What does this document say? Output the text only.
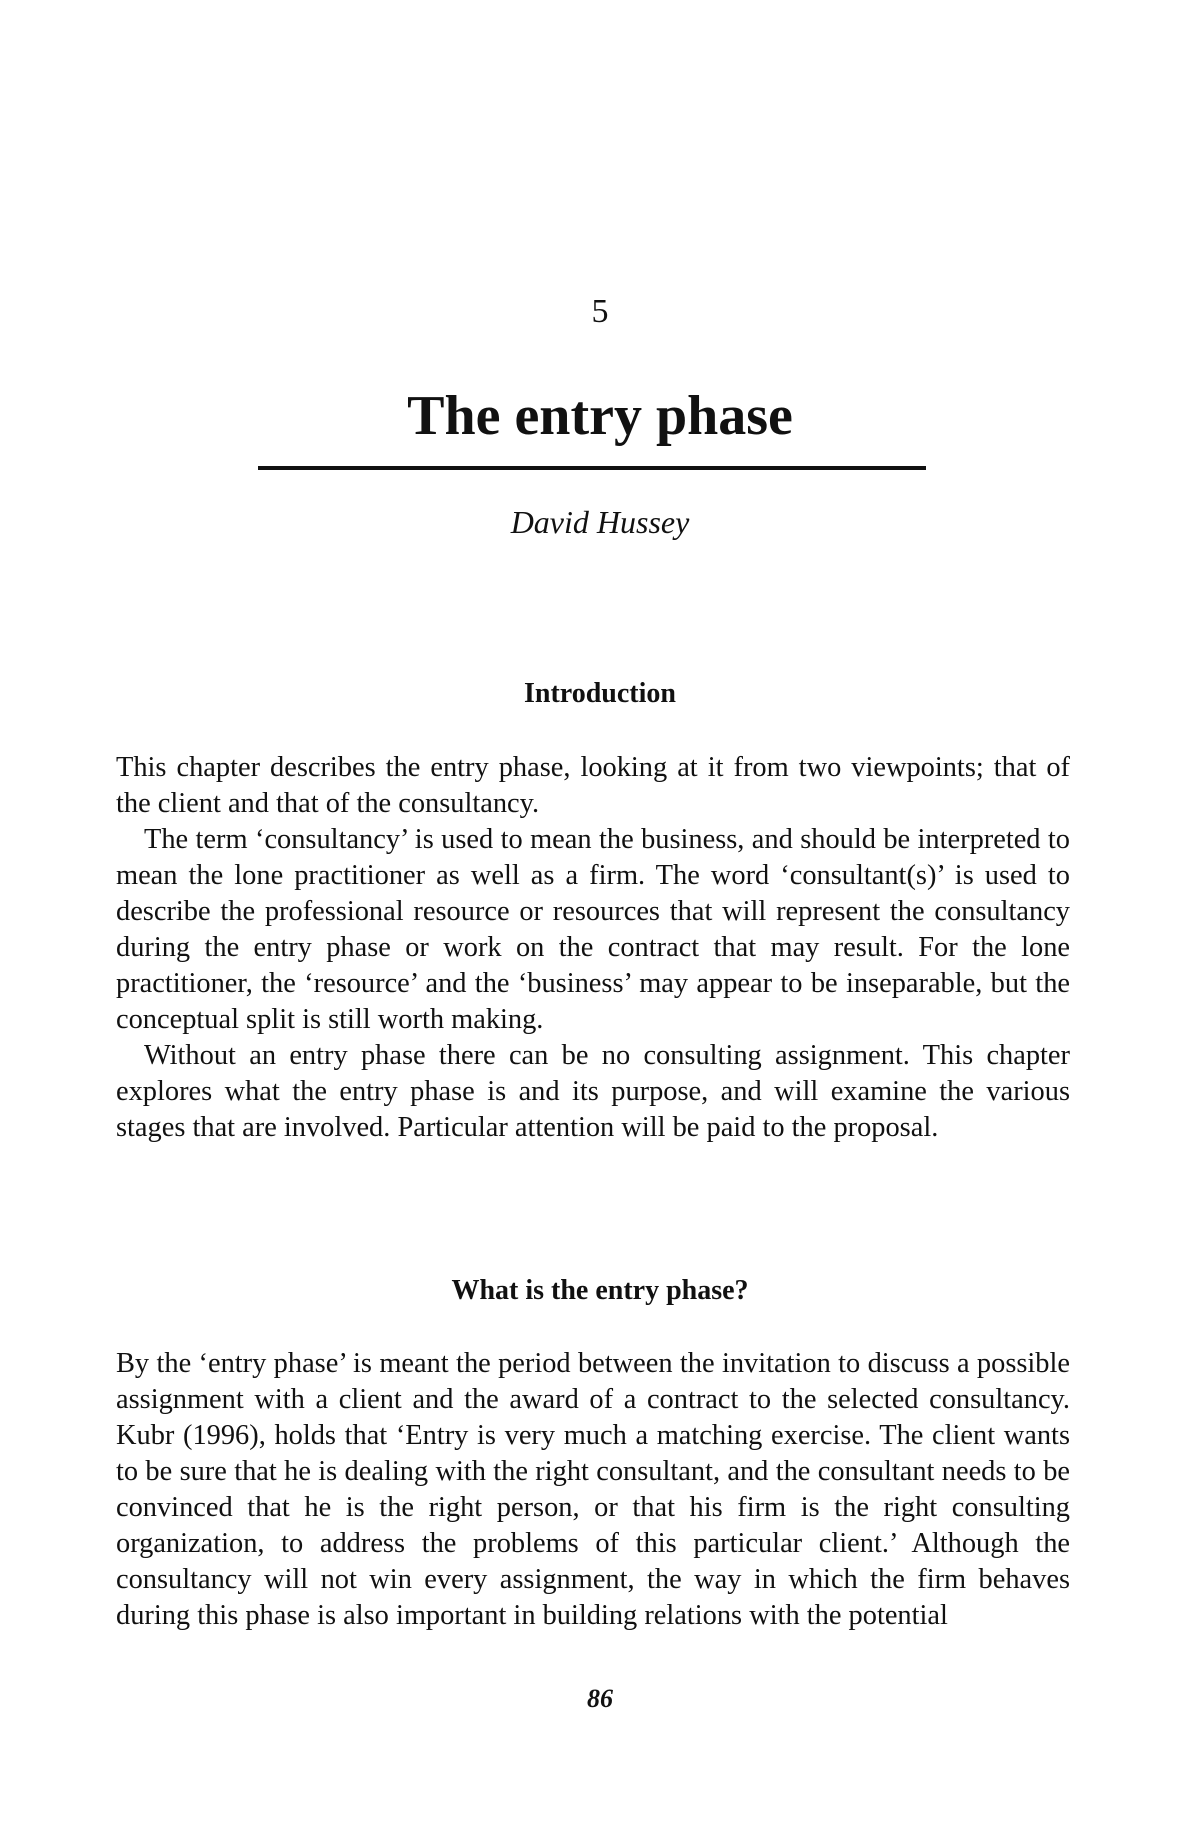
5
The entry phase
David Hussey
Introduction

This chapter describes the entry phase, looking at it from two viewpoints; that of the client and that of the consultancy.

The term ‘consultancy’ is used to mean the business, and should be interpreted to mean the lone practitioner as well as a firm. The word ‘consultant(s)’ is used to describe the professional resource or resources that will represent the consultancy during the entry phase or work on the contract that may result. For the lone practitioner, the ‘resource’ and the ‘business’ may appear to be inseparable, but the conceptual split is still worth making.

Without an entry phase there can be no consulting assignment. This chapter explores what the entry phase is and its purpose, and will examine the various stages that are involved. Particular attention will be paid to the proposal.

What is the entry phase?

By the ‘entry phase’ is meant the period between the invitation to discuss a possible assignment with a client and the award of a contract to the selected consultancy. Kubr (1996), holds that ‘Entry is very much a matching exercise. The client wants to be sure that he is dealing with the right consultant, and the consultant needs to be convinced that he is the right person, or that his firm is the right consulting organization, to address the problems of this particular client.’ Although the consultancy will not win every assignment, the way in which the firm behaves during this phase is also important in building relations with the potential

86
